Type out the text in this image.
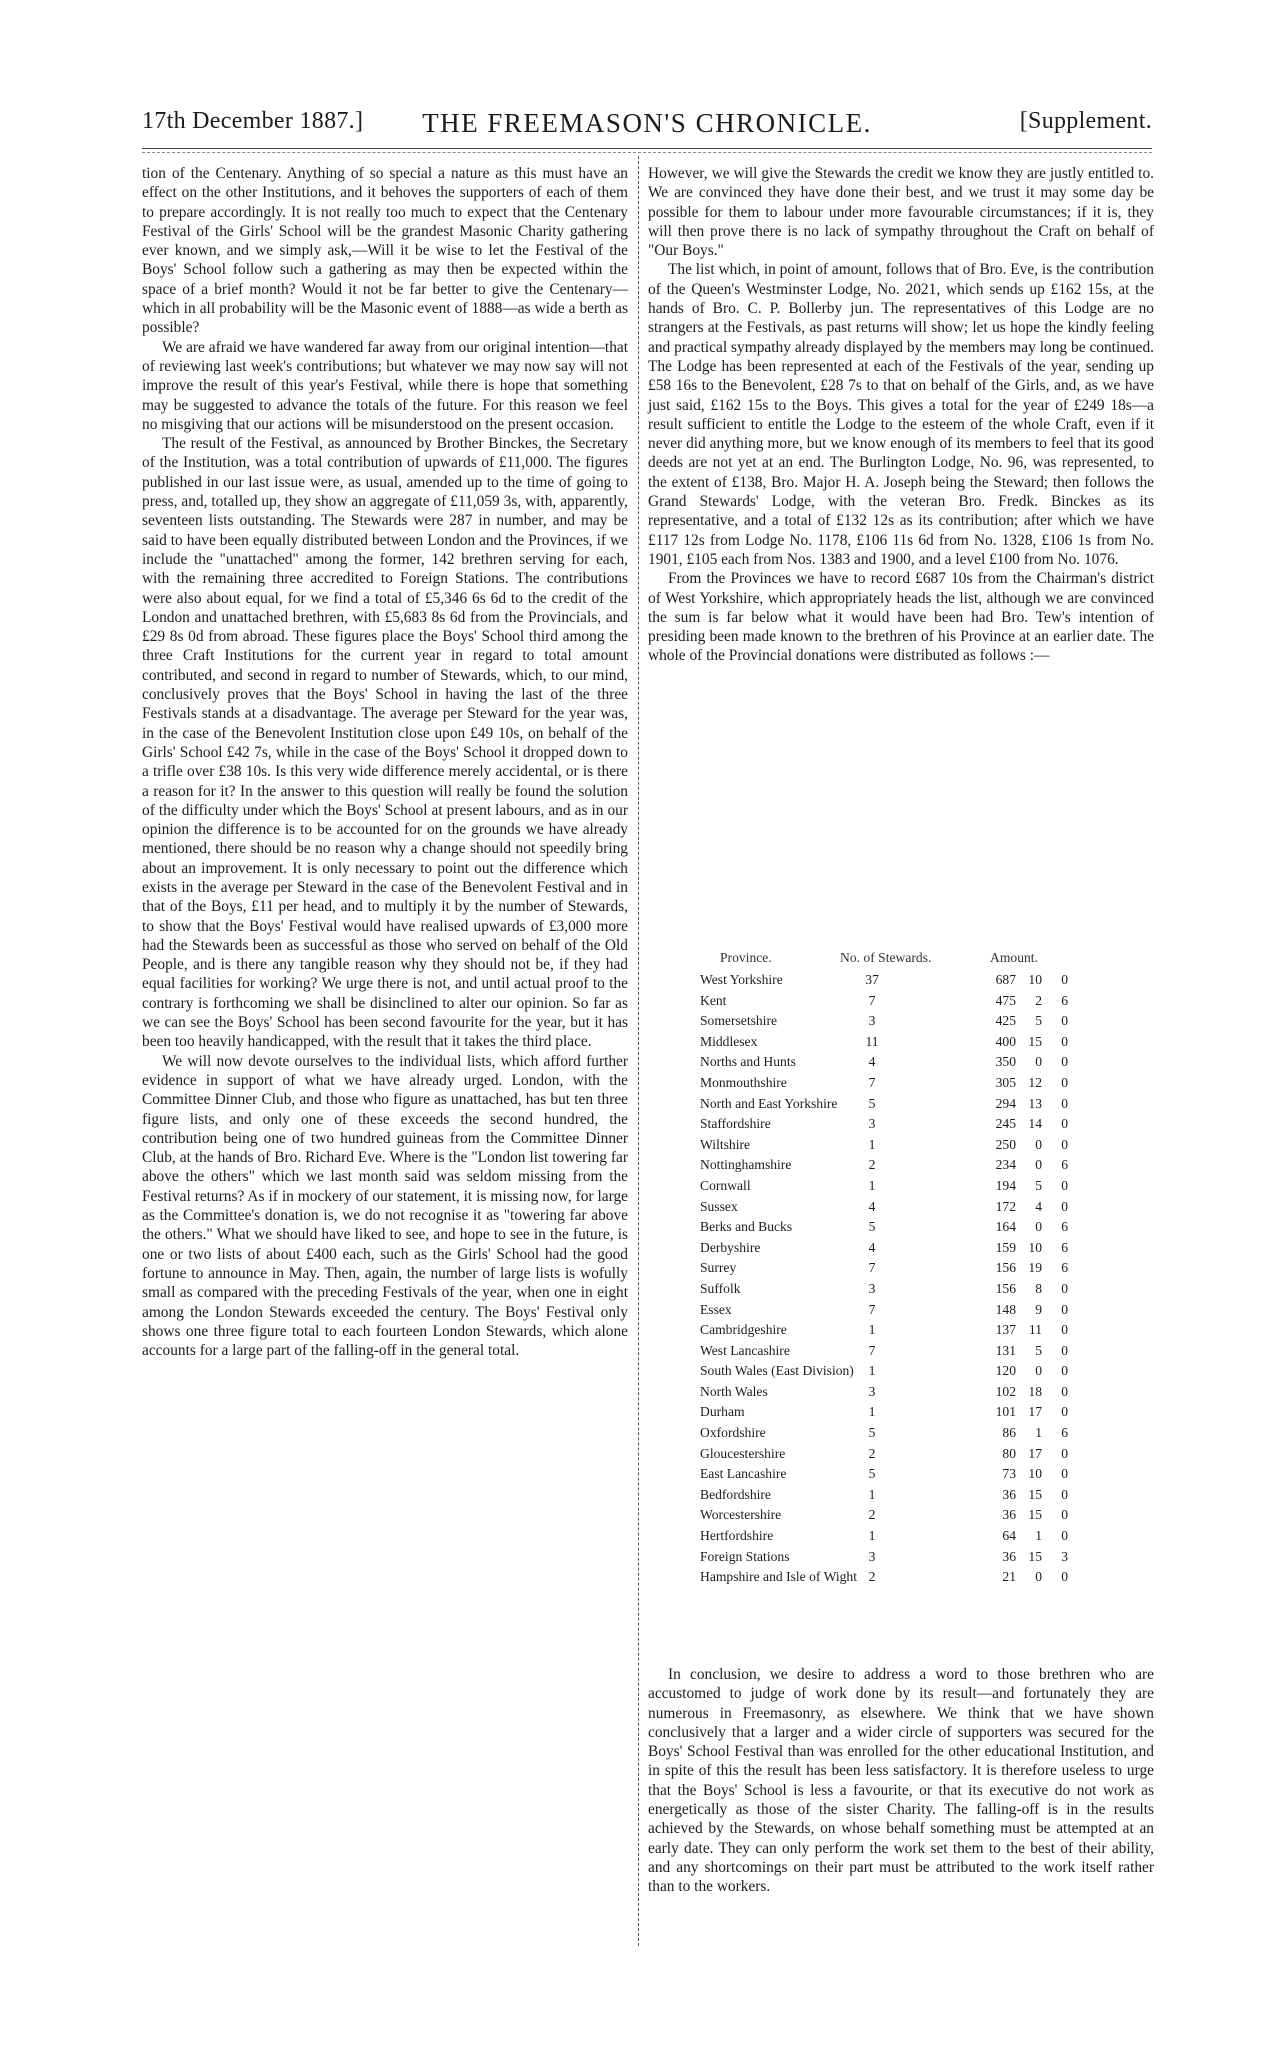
17th December 1887.]	THE FREEMASON'S CHRONICLE.	[Supplement.

tion of the Centenary. Anything of so special a nature as this must have an effect on the other Institutions, and it behoves the supporters of each of them to prepare accordingly. It is not really too much to expect that the Centenary Festival of the Girls' School will be the grandest Masonic Charity gathering ever known, and we simply ask,—Will it be wise to let the Festival of the Boys' School follow such a gathering as may then be expected within the space of a brief month? Would it not be far better to give the Centenary—which in all probability will be the Masonic event of 1888—as wide a berth as possible?

We are afraid we have wandered far away from our original intention—that of reviewing last week's contributions; but whatever we may now say will not improve the result of this year's Festival, while there is hope that something may be suggested to advance the totals of the future. For this reason we feel no misgiving that our actions will be misunderstood on the present occasion.

The result of the Festival, as announced by Brother Binckes, the Secretary of the Institution, was a total contribution of upwards of £11,000. The figures published in our last issue were, as usual, amended up to the time of going to press, and, totalled up, they show an aggregate of £11,059 3s, with, apparently, seventeen lists outstanding. The Stewards were 287 in number, and may be said to have been equally distributed between London and the Provinces, if we include the "unattached" among the former, 142 brethren serving for each, with the remaining three accredited to Foreign Stations. The contributions were also about equal, for we find a total of £5,346 6s 6d to the credit of the London and unattached brethren, with £5,683 8s 6d from the Provincials, and £29 8s 0d from abroad. These figures place the Boys' School third among the three Craft Institutions for the current year in regard to total amount contributed, and second in regard to number of Stewards, which, to our mind, conclusively proves that the Boys' School in having the last of the three Festivals stands at a disadvantage. The average per Steward for the year was, in the case of the Benevolent Institution close upon £49 10s, on behalf of the Girls' School £42 7s, while in the case of the Boys' School it dropped down to a trifle over £38 10s. Is this very wide difference merely accidental, or is there a reason for it? In the answer to this question will really be found the solution of the difficulty under which the Boys' School at present labours, and as in our opinion the difference is to be accounted for on the grounds we have already mentioned, there should be no reason why a change should not speedily bring about an improvement. It is only necessary to point out the difference which exists in the average per Steward in the case of the Benevolent Festival and in that of the Boys, £11 per head, and to multiply it by the number of Stewards, to show that the Boys' Festival would have realised upwards of £3,000 more had the Stewards been as successful as those who served on behalf of the Old People, and is there any tangible reason why they should not be, if they had equal facilities for working? We urge there is not, and until actual proof to the contrary is forthcoming we shall be disinclined to alter our opinion. So far as we can see the Boys' School has been second favourite for the year, but it has been too heavily handicapped, with the result that it takes the third place.

We will now devote ourselves to the individual lists, which afford further evidence in support of what we have already urged. London, with the Committee Dinner Club, and those who figure as unattached, has but ten three figure lists, and only one of these exceeds the second hundred, the contribution being one of two hundred guineas from the Committee Dinner Club, at the hands of Bro. Richard Eve. Where is the "London list towering far above the others" which we last month said was seldom missing from the Festival returns? As if in mockery of our statement, it is missing now, for large as the Committee's donation is, we do not recognise it as "towering far above the others." What we should have liked to see, and hope to see in the future, is one or two lists of about £400 each, such as the Girls' School had the good fortune to announce in May. Then, again, the number of large lists is wofully small as compared with the preceding Festivals of the year, when one in eight among the London Stewards exceeded the century. The Boys' Festival only shows one three figure total to each fourteen London Stewards, which alone accounts for a large part of the falling-off in the general total.

However, we will give the Stewards the credit we know they are justly entitled to. We are convinced they have done their best, and we trust it may some day be possible for them to labour under more favourable circumstances; if it is, they will then prove there is no lack of sympathy throughout the Craft on behalf of "Our Boys."

The list which, in point of amount, follows that of Bro. Eve, is the contribution of the Queen's Westminster Lodge, No. 2021, which sends up £162 15s, at the hands of Bro. C. P. Bollerby jun. The representatives of this Lodge are no strangers at the Festivals, as past returns will show; let us hope the kindly feeling and practical sympathy already displayed by the members may long be continued. The Lodge has been represented at each of the Festivals of the year, sending up £58 16s to the Benevolent, £28 7s to that on behalf of the Girls, and, as we have just said, £162 15s to the Boys. This gives a total for the year of £249 18s—a result sufficient to entitle the Lodge to the esteem of the whole Craft, even if it never did anything more, but we know enough of its members to feel that its good deeds are not yet at an end. The Burlington Lodge, No. 96, was represented, to the extent of £138, Bro. Major H. A. Joseph being the Steward; then follows the Grand Stewards' Lodge, with the veteran Bro. Fredk. Binckes as its representative, and a total of £132 12s as its contribution; after which we have £117 12s from Lodge No. 1178, £106 11s 6d from No. 1328, £106 1s from No. 1901, £105 each from Nos. 1383 and 1900, and a level £100 from No. 1076.

From the Provinces we have to record £687 10s from the Chairman's district of West Yorkshire, which appropriately heads the list, although we are convinced the sum is far below what it would have been had Bro. Tew's intention of presiding been made known to the brethren of his Province at an earlier date. The whole of the Provincial donations were distributed as follows :—

Province.	No. of Stewards.	Amount.
West Yorkshire	37	687 10	0
Kent	7	475	2	6
Somersetshire	3	425	5	0
Middlesex	11	400 15	0
Norths and Hunts	4	350	0	0
Monmouthshire	7	305 12	0
North and East Yorkshire	5	294 13	0
Staffordshire	3	245 14	0
Wiltshire	1	250	0	0
Nottinghamshire	2	234	0	6
Cornwall	1	194	5	0
Sussex	4	172	4	0
Berks and Bucks	5	164	0	6
Derbyshire	4	159 10	6
Surrey	7	156 19	6
Suffolk	3	156	8	0
Essex	7	148	9	0
Cambridgeshire	1	137 11	0
West Lancashire	7	131	5	0
South Wales (East Division)	1	120	0	0
North Wales	3	102 18	0
Durham	1	101 17	0
Oxfordshire	5	86	1	6
Gloucestershire	2	80 17	0
East Lancashire	5	73 10	0
Bedfordshire	1	36 15	0
Worcestershire	2	36 15	0
Hertfordshire	1	64	1	0
Foreign Stations	3	36 15	3
Hampshire and Isle of Wight 2	21	0	0

In conclusion, we desire to address a word to those brethren who are accustomed to judge of work done by its result—and fortunately they are numerous in Freemasonry, as elsewhere. We think that we have shown conclusively that a larger and a wider circle of supporters was secured for the Boys' School Festival than was enrolled for the other educational Institution, and in spite of this the result has been less satisfactory. It is therefore useless to urge that the Boys' School is less a favourite, or that its executive do not work as energetically as those of the sister Charity. The falling-off is in the results achieved by the Stewards, on whose behalf something must be attempted at an early date. They can only perform the work set them to the best of their ability, and any shortcomings on their part must be attributed to the work itself rather than to the workers.
